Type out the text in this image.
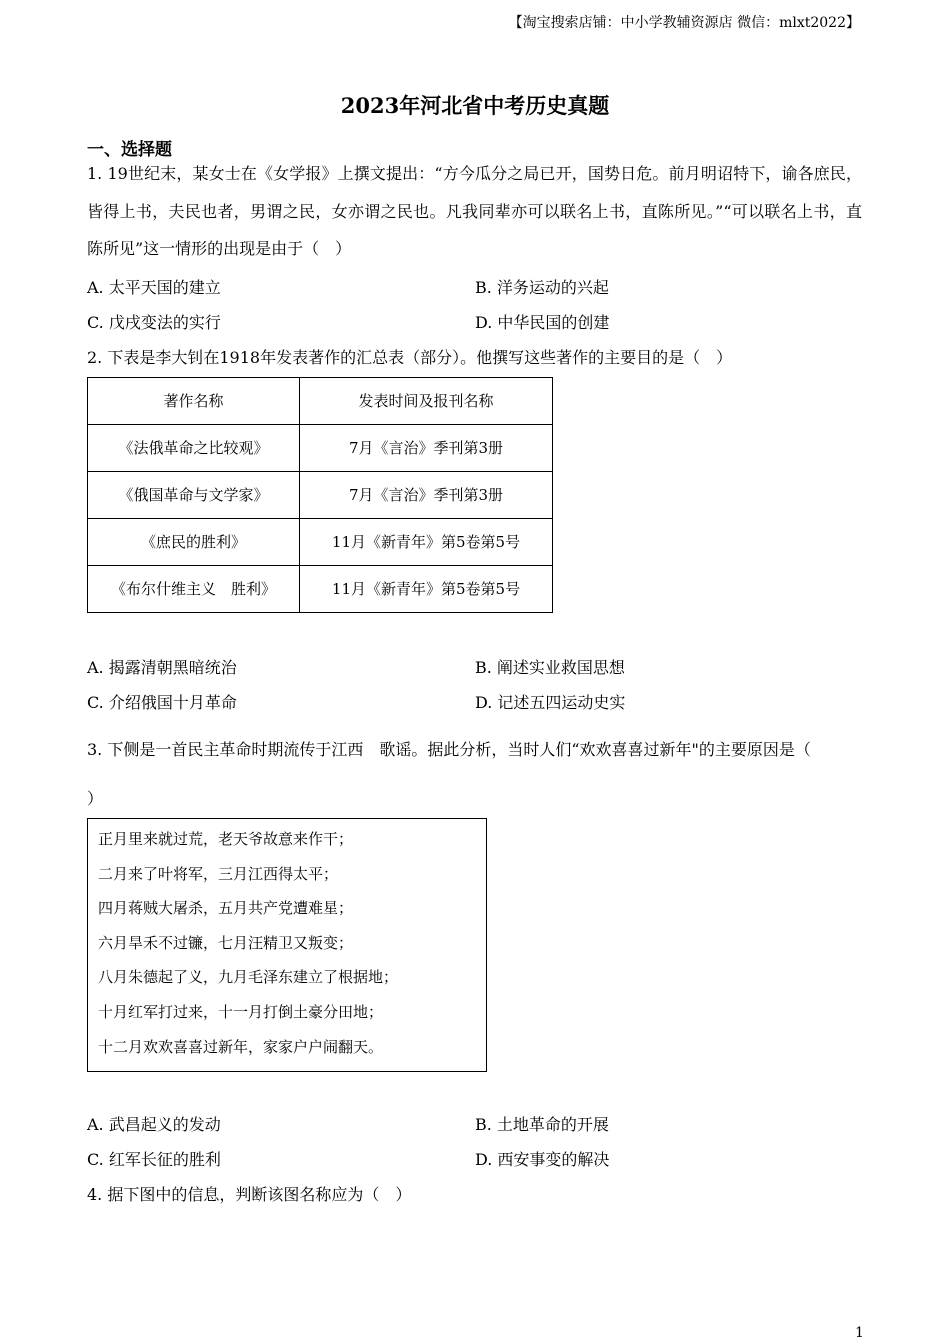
【淘宝搜索店铺：中小学教辅资源店 微信：mlxt2022】
2023年河北省中考历史真题
一、选择题
1. 19世纪末，某女士在《女学报》上撰文提出：“方今瓜分之局已开，国势日危。前月明诏特下，谕各庶民，皆得上书，夫民也者，男谓之民，女亦谓之民也。凡我同辈亦可以联名上书，直陈所见。”“可以联名上书，直陈所见”这一情形的出现是由于（　）
A. 太平天国的建立	B. 洋务运动的兴起
C. 戊戌变法的实行	D. 中华民国的创建
2. 下表是李大钊在1918年发表著作的汇总表（部分）。他撰写这些著作的主要目的是（　）
著作名称	发表时间及报刊名称
《法俄革命之比较观》	7月《言治》季刊第3册
《俄国革命与文学家》	7月《言治》季刊第3册
《庶民的胜利》	11月《新青年》第5卷第5号
《布尔什维主义　胜利》	11月《新青年》第5卷第5号
A. 揭露清朝黑暗统治	B. 阐述实业救国思想
C. 介绍俄国十月革命	D. 记述五四运动史实
3. 下侧是一首民主革命时期流传于江西　歌谣。据此分析，当时人们“欢欢喜喜过新年"的主要原因是（
）
正月里来就过荒，老天爷故意来作干；
二月来了叶将军，三月江西得太平；
四月蒋贼大屠杀，五月共产党遭难星；
六月旱禾不过镰，七月汪精卫又叛变；
八月朱德起了义，九月毛泽东建立了根据地；
十月红军打过来，十一月打倒土豪分田地；
十二月欢欢喜喜过新年，家家户户闹翻天。
A. 武昌起义的发动	B. 土地革命的开展
C. 红军长征的胜利	D. 西安事变的解决
4. 据下图中的信息，判断该图名称应为（　）
1
